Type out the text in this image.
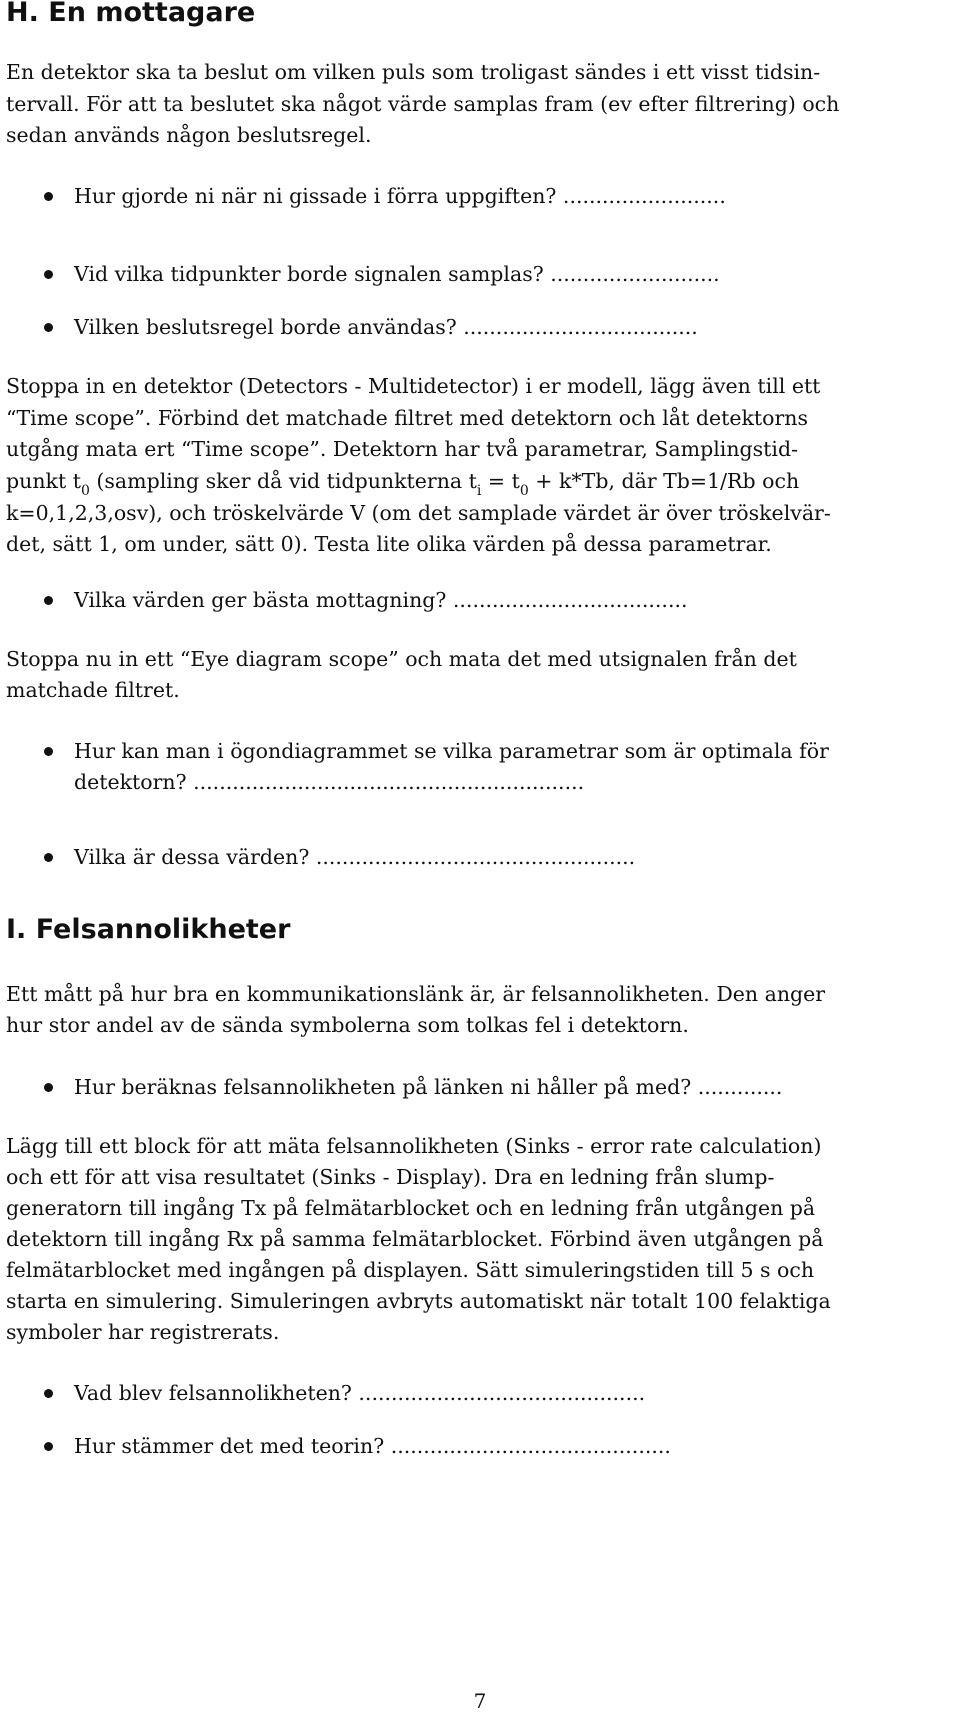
H. En mottagare
En detektor ska ta beslut om vilken puls som troligast sändes i ett visst tidsin-
tervall. För att ta beslutet ska något värde samplas fram (ev efter filtrering) och
sedan används någon beslutsregel.
Hur gjorde ni när ni gissade i förra uppgiften? .........................
Vid vilka tidpunkter borde signalen samplas? ..........................
Vilken beslutsregel borde användas? ....................................
Stoppa in en detektor (Detectors - Multidetector) i er modell, lägg även till ett
“Time scope”. Förbind det matchade filtret med detektorn och låt detektorns
utgång mata ert “Time scope”. Detektorn har två parametrar, Samplingstid-
punkt $t_0$ (sampling sker då vid tidpunkterna $t_i = t_0 + k*Tb$, där Tb=1/Rb och
k=0,1,2,3,osv), och tröskelvärde V (om det samplade värdet är över tröskelvär-
det, sätt 1, om under, sätt 0). Testa lite olika värden på dessa parametrar.
Vilka värden ger bästa mottagning? ....................................
Stoppa nu in ett “Eye diagram scope” och mata det med utsignalen från det
matchade filtret.
Hur kan man i ögondiagrammet se vilka parametrar som är optimala för
detektorn? ............................................................
Vilka är dessa värden? .................................................
I. Felsannolikheter
Ett mått på hur bra en kommunikationslänk är, är felsannolikheten. Den anger
hur stor andel av de sända symbolerna som tolkas fel i detektorn.
Hur beräknas felsannolikheten på länken ni håller på med? .............
Lägg till ett block för att mäta felsannolikheten (Sinks - error rate calculation)
och ett för att visa resultatet (Sinks - Display). Dra en ledning från slump-
generatorn till ingång Tx på felmätarblocket och en ledning från utgången på
detektorn till ingång Rx på samma felmätarblocket. Förbind även utgången på
felmätarblocket med ingången på displayen. Sätt simuleringstiden till 5 s och
starta en simulering. Simuleringen avbryts automatiskt när totalt 100 felaktiga
symboler har registrerats.
Vad blev felsannolikheten? ............................................
Hur stämmer det med teorin? ...........................................
7
